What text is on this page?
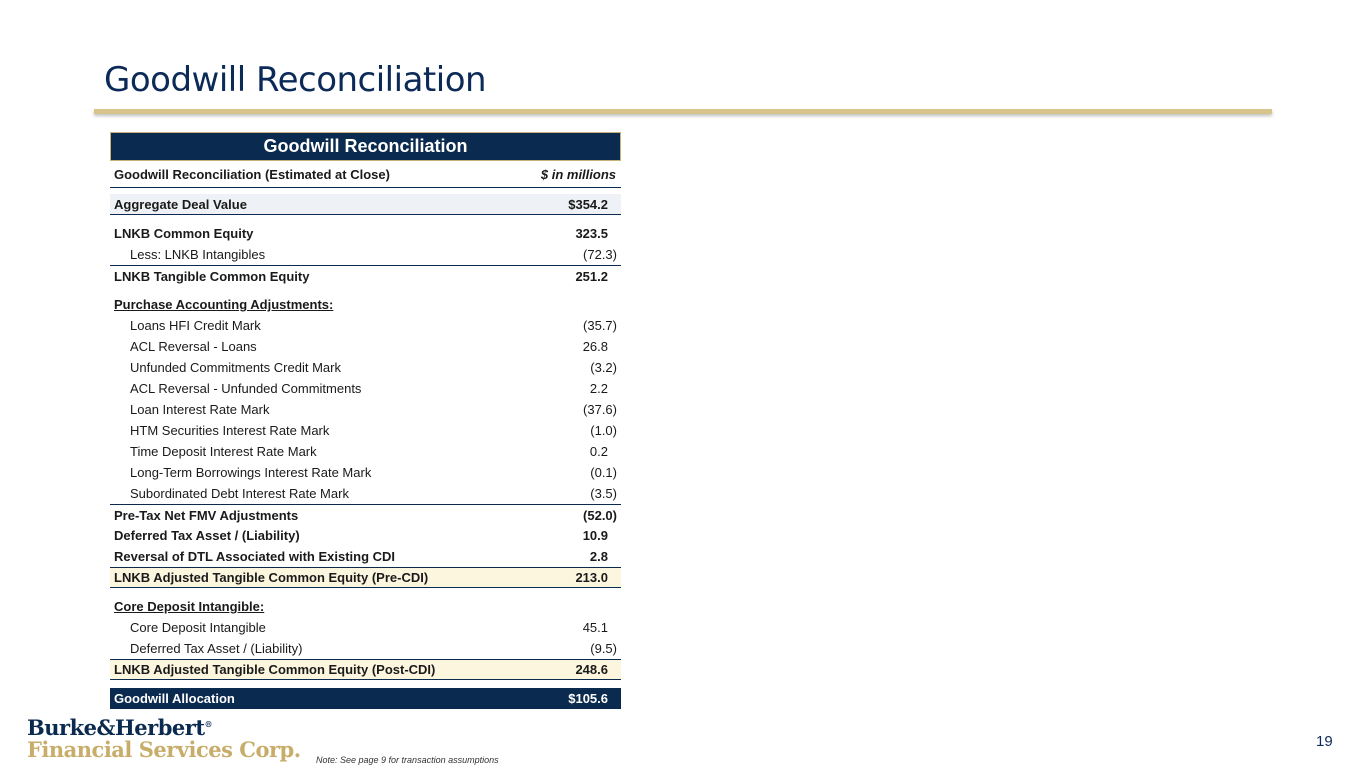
Goodwill Reconciliation
Goodwill Reconciliation
Goodwill Reconciliation (Estimated at Close)	$ in millions
Aggregate Deal Value	$354.2
LNKB Common Equity	323.5
Less: LNKB Intangibles	(72.3)
LNKB Tangible Common Equity	251.2
Purchase Accounting Adjustments:
Loans HFI Credit Mark	(35.7)
ACL Reversal - Loans	26.8
Unfunded Commitments Credit Mark	(3.2)
ACL Reversal - Unfunded Commitments	2.2
Loan Interest Rate Mark	(37.6)
HTM Securities Interest Rate Mark	(1.0)
Time Deposit Interest Rate Mark	0.2
Long-Term Borrowings Interest Rate Mark	(0.1)
Subordinated Debt Interest Rate Mark	(3.5)
Pre-Tax Net FMV Adjustments	(52.0)
Deferred Tax Asset / (Liability)	10.9
Reversal of DTL Associated with Existing CDI	2.8
LNKB Adjusted Tangible Common Equity (Pre-CDI)	213.0
Core Deposit Intangible:
Core Deposit Intangible	45.1
Deferred Tax Asset / (Liability)	(9.5)
LNKB Adjusted Tangible Common Equity (Post-CDI)	248.6
Goodwill Allocation	$105.6
Burke&Herbert®
Financial Services Corp. Note: See page 9 for transaction assumptions
19
